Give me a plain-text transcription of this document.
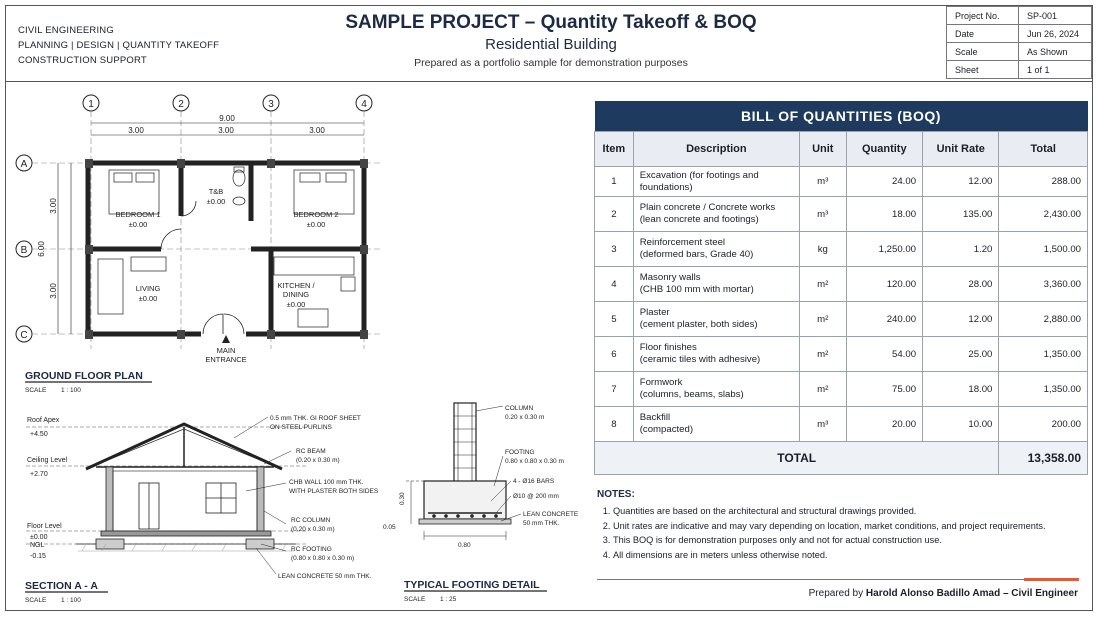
CIVIL ENGINEERING
PLANNING | DESIGN | QUANTITY TAKEOFF
CONSTRUCTION SUPPORT
SAMPLE PROJECT – Quantity Takeoff & BOQ
Residential Building
Prepared as a portfolio sample for demonstration purposes
Project No.	SP-001
Date	Jun 26, 2024
Scale	As Shown
Sheet	1 of 1
1	2	3	4
A
B
C
9.00
3.00	3.00	3.00
6.00
3.00
3.00
BEDROOM 1
±0.00
T&B
±0.00
BEDROOM 2
±0.00
LIVING
±0.00
KITCHEN /
DINING
±0.00
MAIN
ENTRANCE
GROUND FLOOR PLAN
SCALE 1 : 100
Roof Apex
+4.50
Ceiling Level
+2.70
Floor Level
±0.00
NGL
-0.15
0.5 mm THK. GI ROOF SHEET
ON STEEL PURLINS
RC BEAM
(0.20 x 0.30 m)
CHB WALL 100 mm THK.
WITH PLASTER BOTH SIDES
RC COLUMN
(0.20 x 0.30 m)
RC FOOTING
(0.80 x 0.80 x 0.30 m)
LEAN CONCRETE 50 mm THK.
SECTION A - A
SCALE 1 : 100
COLUMN
0.20 x 0.30 m
FOOTING
0.80 x 0.80 x 0.30 m
4 - Ø16 BARS
Ø10 @ 200 mm
LEAN CONCRETE
50 mm THK.
0.30
0.05
0.80
TYPICAL FOOTING DETAIL
SCALE 1 : 25
BILL OF QUANTITIES (BOQ)					
Item	Description	Unit	Quantity	Unit Rate	Total
1	Excavation (for footings and foundations)	m³	24.00	12.00	288.00
2	Plain concrete / Concrete works
(lean concrete and footings)	m³	18.00	135.00	2,430.00
3	Reinforcement steel
(deformed bars, Grade 40)	kg	1,250.00	1.20	1,500.00
4	Masonry walls
(CHB 100 mm with mortar)	m²	120.00	28.00	3,360.00
5	Plaster
(cement plaster, both sides)	m²	240.00	12.00	2,880.00
6	Floor finishes
(ceramic tiles with adhesive)	m²	54.00	25.00	1,350.00
7	Formwork
(columns, beams, slabs)	m²	75.00	18.00	1,350.00
8	Backfill
(compacted)	m³	20.00	10.00	200.00
TOTAL					13,358.00
NOTES:
1. Quantities are based on the architectural and structural drawings provided.
2. Unit rates are indicative and may vary depending on location, market conditions, and project requirements.
3. This BOQ is for demonstration purposes only and not for actual construction use.
4. All dimensions are in meters unless otherwise noted.
Prepared by Harold Alonso Badillo Amad – Civil Engineer
